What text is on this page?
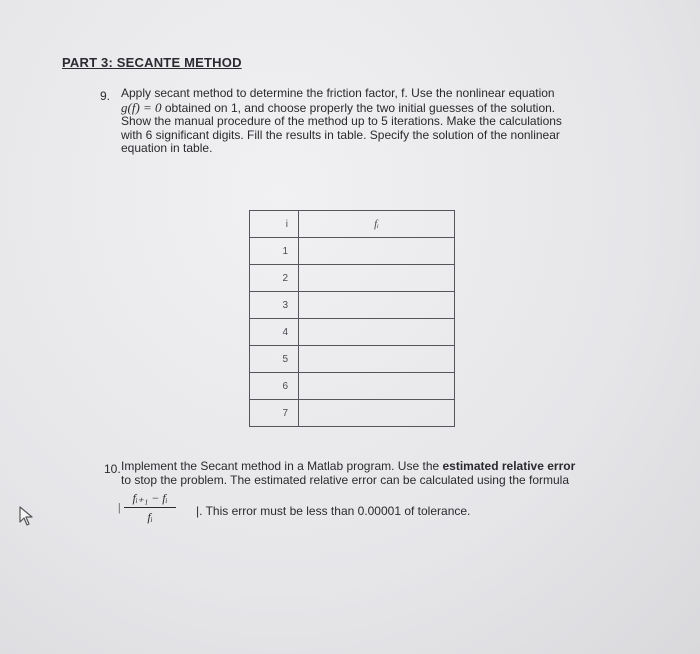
PART 3: SECANTE METHOD
9. Apply secant method to determine the friction factor, f. Use the nonlinear equation
g(f) = 0 obtained on 1, and choose properly the two initial guesses of the solution.
Show the manual procedure of the method up to 5 iterations. Make the calculations
with 6 significant digits. Fill the results in table. Specify the solution of the nonlinear
equation in table.
i	fᵢ
1	
2	
3	
4	
5	
6	
7	
10. Implement the Secant method in a Matlab program. Use the estimated relative error
to stop the problem. The estimated relative error can be calculated using the formula
| $\frac{\text{fᵢ₊₁ − fᵢ}}{\text{fᵢ}}$ |. This error must be less than 0.00001 of tolerance.
